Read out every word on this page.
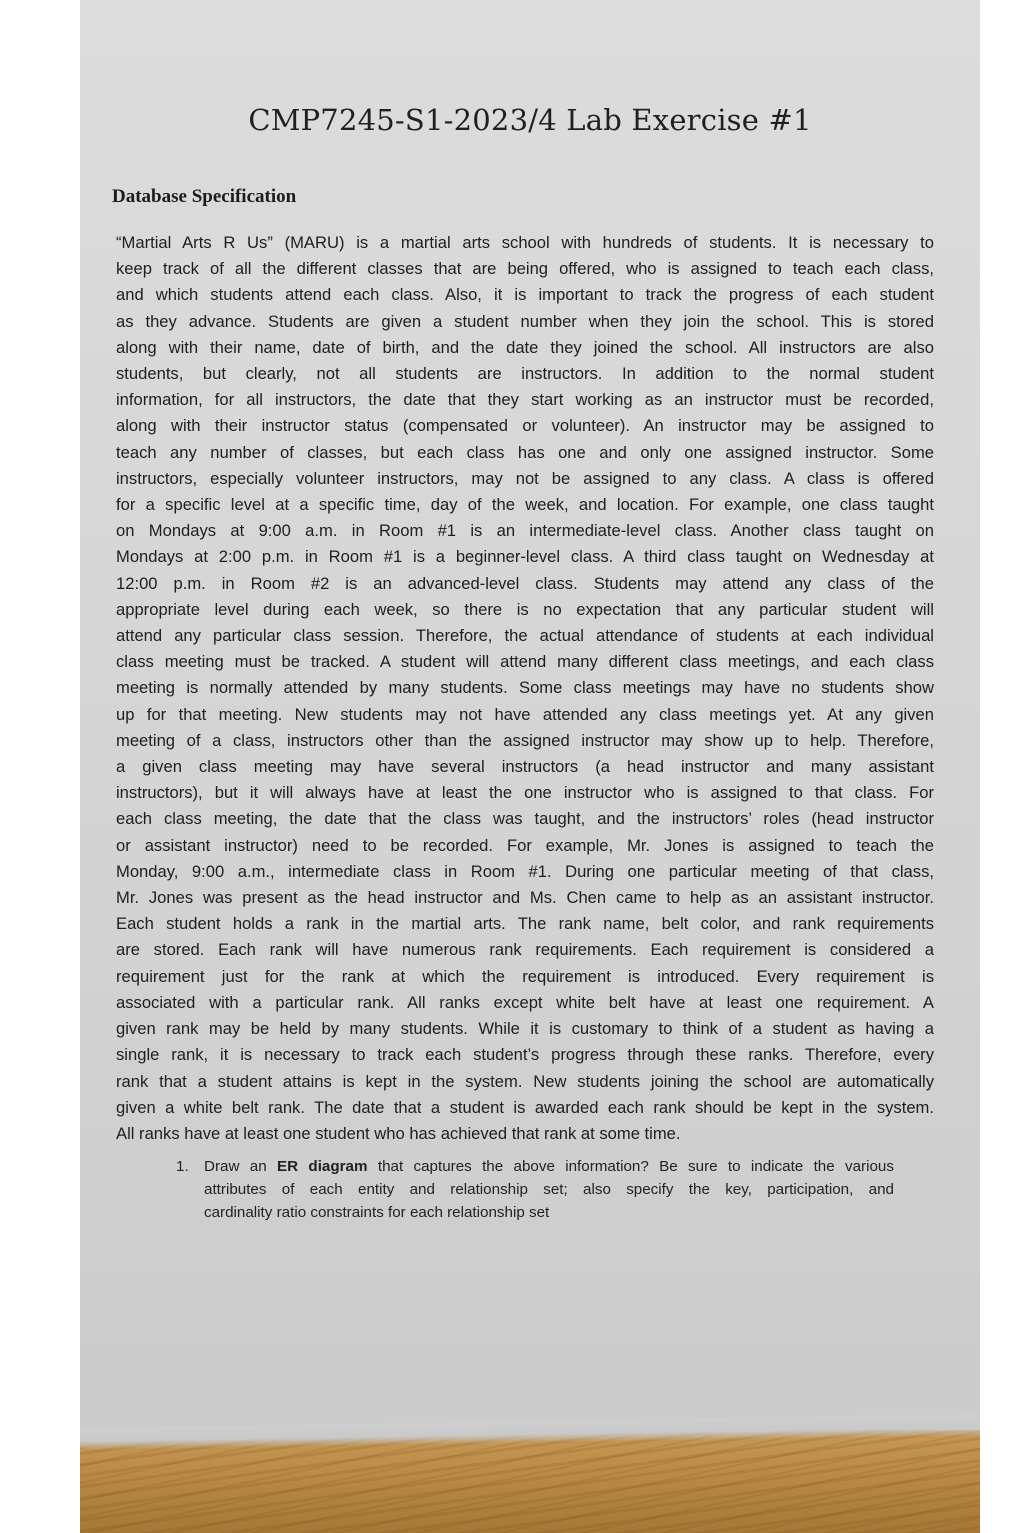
CMP7245-S1-2023/4 Lab Exercise #1
Database Specification
“Martial Arts R Us” (MARU) is a martial arts school with hundreds of students. It is necessary to
keep track of all the different classes that are being offered, who is assigned to teach each class,
and which students attend each class. Also, it is important to track the progress of each student
as they advance. Students are given a student number when they join the school. This is stored
along with their name, date of birth, and the date they joined the school. All instructors are also
students, but clearly, not all students are instructors. In addition to the normal student
information, for all instructors, the date that they start working as an instructor must be recorded,
along with their instructor status (compensated or volunteer). An instructor may be assigned to
teach any number of classes, but each class has one and only one assigned instructor. Some
instructors, especially volunteer instructors, may not be assigned to any class. A class is offered
for a specific level at a specific time, day of the week, and location. For example, one class taught
on Mondays at 9:00 a.m. in Room #1 is an intermediate-level class. Another class taught on
Mondays at 2:00 p.m. in Room #1 is a beginner-level class. A third class taught on Wednesday at
12:00 p.m. in Room #2 is an advanced-level class. Students may attend any class of the
appropriate level during each week, so there is no expectation that any particular student will
attend any particular class session. Therefore, the actual attendance of students at each individual
class meeting must be tracked. A student will attend many different class meetings, and each class
meeting is normally attended by many students. Some class meetings may have no students show
up for that meeting. New students may not have attended any class meetings yet. At any given
meeting of a class, instructors other than the assigned instructor may show up to help. Therefore,
a given class meeting may have several instructors (a head instructor and many assistant
instructors), but it will always have at least the one instructor who is assigned to that class. For
each class meeting, the date that the class was taught, and the instructors’ roles (head instructor
or assistant instructor) need to be recorded. For example, Mr. Jones is assigned to teach the
Monday, 9:00 a.m., intermediate class in Room #1. During one particular meeting of that class,
Mr. Jones was present as the head instructor and Ms. Chen came to help as an assistant instructor.
Each student holds a rank in the martial arts. The rank name, belt color, and rank requirements
are stored. Each rank will have numerous rank requirements. Each requirement is considered a
requirement just for the rank at which the requirement is introduced. Every requirement is
associated with a particular rank. All ranks except white belt have at least one requirement. A
given rank may be held by many students. While it is customary to think of a student as having a
single rank, it is necessary to track each student’s progress through these ranks. Therefore, every
rank that a student attains is kept in the system. New students joining the school are automatically
given a white belt rank. The date that a student is awarded each rank should be kept in the system.
All ranks have at least one student who has achieved that rank at some time.
1. Draw an ER diagram that captures the above information? Be sure to indicate the various
attributes of each entity and relationship set; also specify the key, participation, and
cardinality ratio constraints for each relationship set
